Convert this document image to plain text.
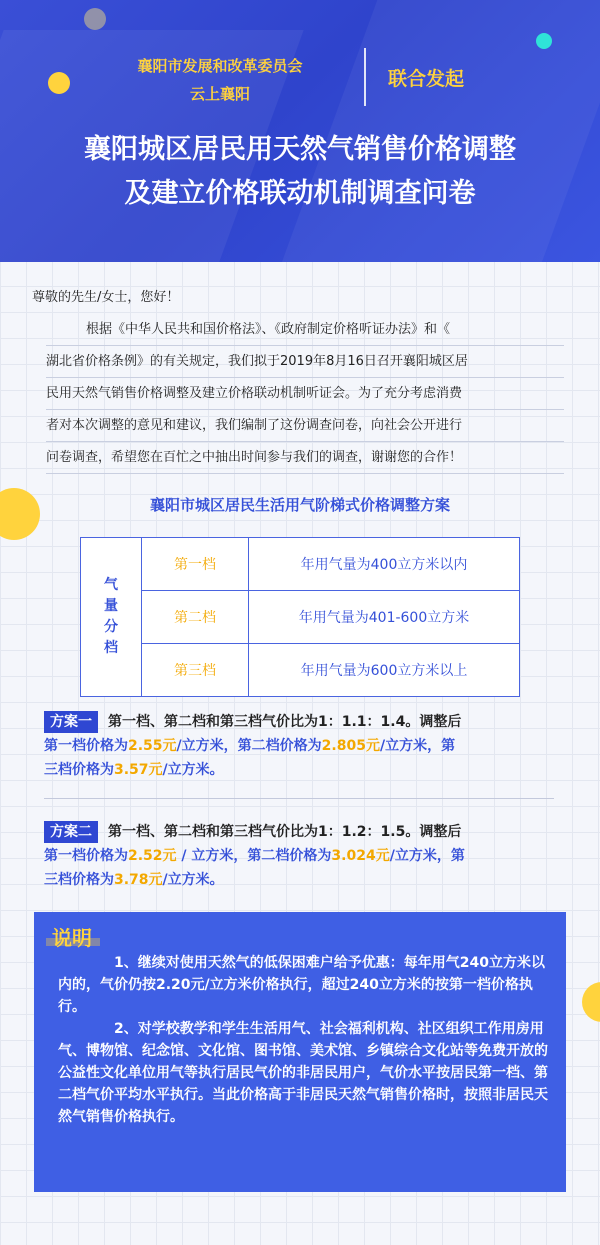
襄阳市发展和改革委员会
云上襄阳
联合发起
襄阳城区居民用天然气销售价格调整
及建立价格联动机制调查问卷
尊敬的先生/女士，您好！
根据《中华人民共和国价格法》、《政府制定价格听证办法》和《
湖北省价格条例》的有关规定，我们拟于2019年8月16日召开襄阳城区居
民用天然气销售价格调整及建立价格联动机制听证会。为了充分考虑消费
者对本次调整的意见和建议，我们编制了这份调查问卷，向社会公开进行
问卷调查，希望您在百忙之中抽出时间参与我们的调查，谢谢您的合作！
襄阳市城区居民生活用气阶梯式价格调整方案
气
量
分
档	第一档	年用气量为400立方米以内
	第二档	年用气量为401-600立方米
	第三档	年用气量为600立方米以上
方案一 第一档、第二档和第三档气价比为1：1.1：1.4。调整后
第一档价格为2.55元/立方米，第二档价格为2.805元/立方米，第
三档价格为3.57元/立方米。
方案二 第一档、第二档和第三档气价比为1：1.2：1.5。调整后
第一档价格为2.52元 / 立方米，第二档价格为3.024元/立方米，第
三档价格为3.78元/立方米。
说明

1、继续对使用天然气的低保困难户给予优惠：每年用气240立方米以内的，气价仍按2.20元/立方米价格执行，超过240立方米的按第一档价格执行。

2、对学校教学和学生生活用气、社会福利机构、社区组织工作用房用气、博物馆、纪念馆、文化馆、图书馆、美术馆、乡镇综合文化站等免费开放的公益性文化单位用气等执行居民气价的非居民用户，气价水平按居民第一档、第二档气价平均水平执行。当此价格高于非居民天然气销售价格时，按照非居民天然气销售价格执行。
